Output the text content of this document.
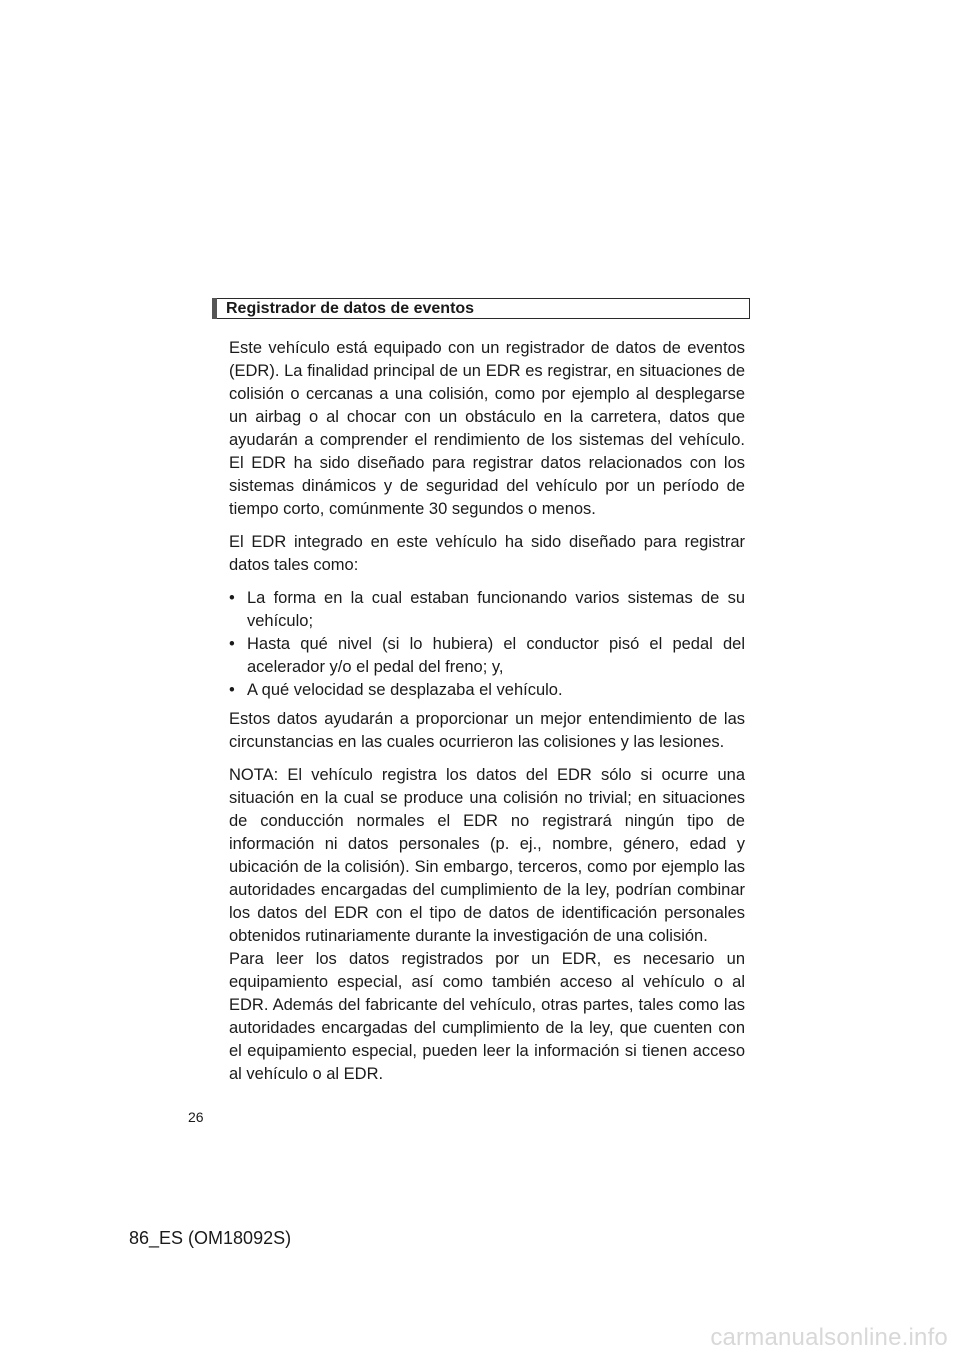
Registrador de datos de eventos

Este vehículo está equipado con un registrador de datos de eventos (EDR). La finalidad principal de un EDR es registrar, en situaciones de colisión o cercanas a una colisión, como por ejemplo al desplegarse un airbag o al chocar con un obstáculo en la carretera, datos que ayudarán a comprender el rendimiento de los sistemas del vehículo. El EDR ha sido diseñado para registrar datos relacionados con los sistemas dinámicos y de seguridad del vehículo por un período de tiempo corto, comúnmente 30 segundos o menos.

El EDR integrado en este vehículo ha sido diseñado para registrar datos tales como:

• La forma en la cual estaban funcionando varios sistemas de su vehículo;
• Hasta qué nivel (si lo hubiera) el conductor pisó el pedal del acelerador y/o el pedal del freno; y,
• A qué velocidad se desplazaba el vehículo.

Estos datos ayudarán a proporcionar un mejor entendimiento de las circunstancias en las cuales ocurrieron las colisiones y las lesiones.

NOTA: El vehículo registra los datos del EDR sólo si ocurre una situación en la cual se produce una colisión no trivial; en situaciones de conducción normales el EDR no registrará ningún tipo de información ni datos personales (p. ej., nombre, género, edad y ubicación de la colisión). Sin embargo, terceros, como por ejemplo las autoridades encargadas del cumplimiento de la ley, podrían combinar los datos del EDR con el tipo de datos de identificación personales obtenidos rutinariamente durante la investigación de una colisión.

Para leer los datos registrados por un EDR, es necesario un equipamiento especial, así como también acceso al vehículo o al EDR. Además del fabricante del vehículo, otras partes, tales como las autoridades encargadas del cumplimiento de la ley, que cuenten con el equipamiento especial, pueden leer la información si tienen acceso al vehículo o al EDR.

26
86_ES (OM18092S)
carmanualsonline.info
